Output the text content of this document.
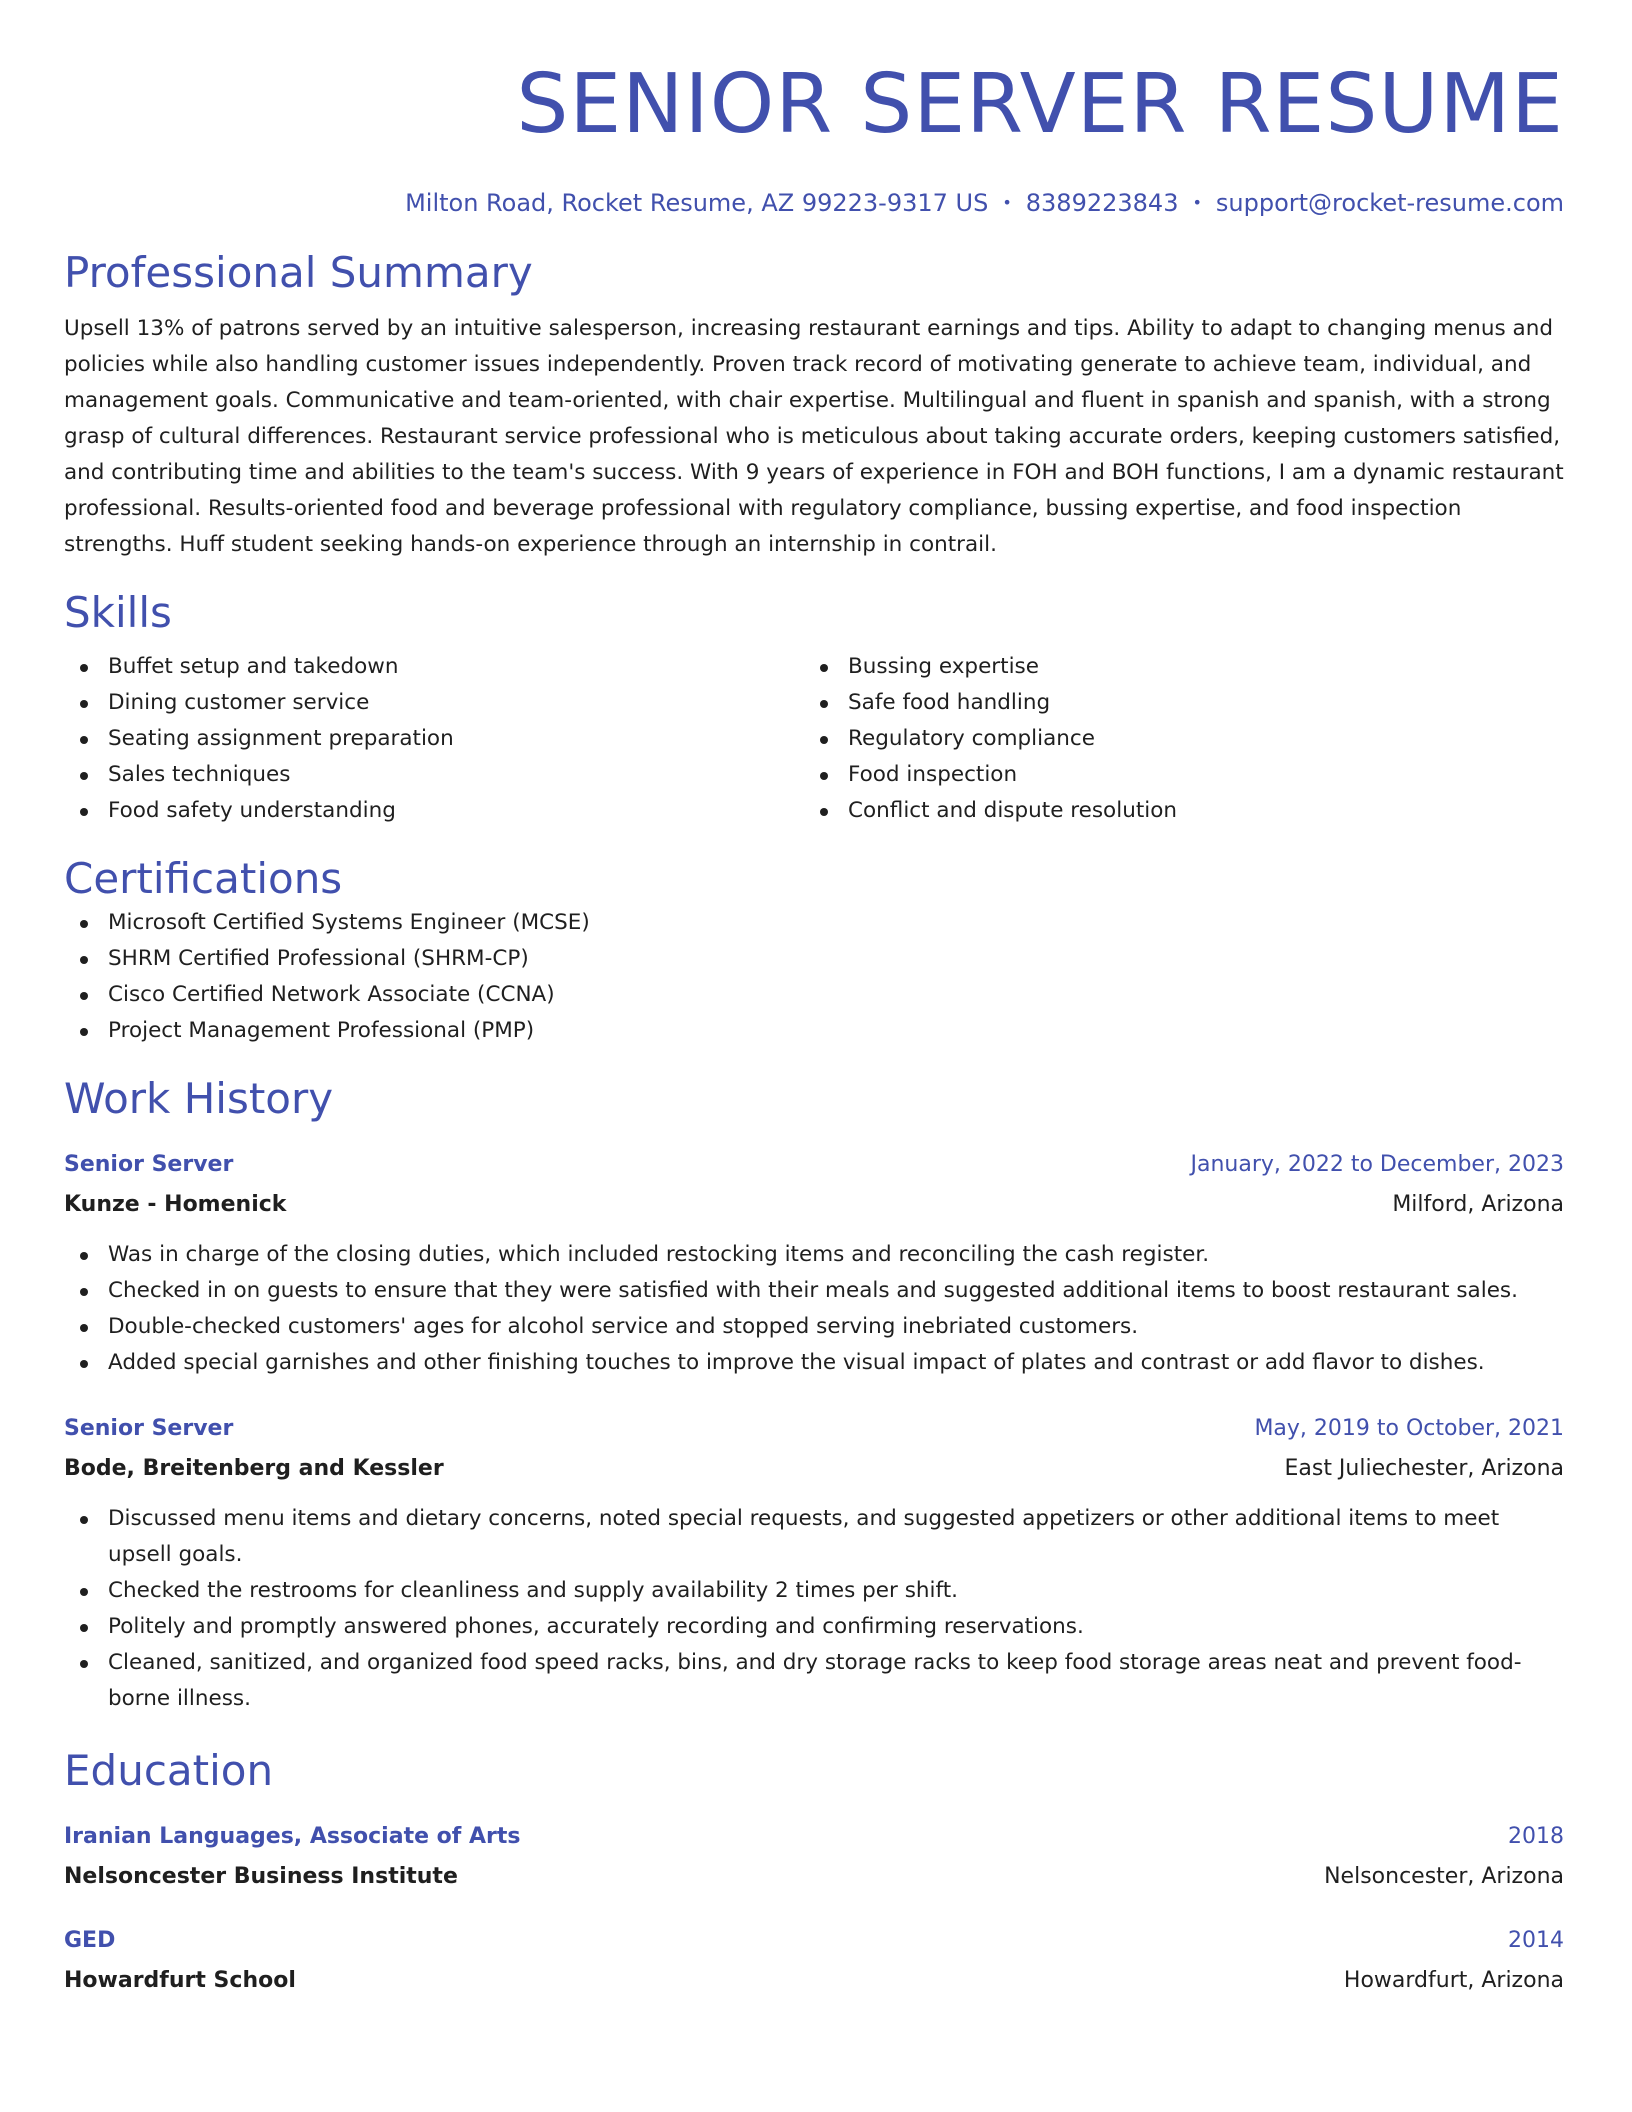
SENIOR SERVER RESUME
Milton Road, Rocket Resume, AZ 99223-9317 US • 8389223843 • support@rocket-resume.com
Professional Summary
Upsell 13% of patrons served by an intuitive salesperson, increasing restaurant earnings and tips. Ability to adapt to changing menus and policies while also handling customer issues independently. Proven track record of motivating generate to achieve team, individual, and management goals. Communicative and team-oriented, with chair expertise. Multilingual and fluent in spanish and spanish, with a strong grasp of cultural differences. Restaurant service professional who is meticulous about taking accurate orders, keeping customers satisfied, and contributing time and abilities to the team's success. With 9 years of experience in FOH and BOH functions, I am a dynamic restaurant professional. Results-oriented food and beverage professional with regulatory compliance, bussing expertise, and food inspection strengths. Huff student seeking hands-on experience through an internship in contrail.
Skills
Buffet setup and takedown
Dining customer service
Seating assignment preparation
Sales techniques
Food safety understanding
Bussing expertise
Safe food handling
Regulatory compliance
Food inspection
Conflict and dispute resolution
Certifications
Microsoft Certified Systems Engineer (MCSE)
SHRM Certified Professional (SHRM-CP)
Cisco Certified Network Associate (CCNA)
Project Management Professional (PMP)
Work History
Senior Server	January, 2022 to December, 2023
Kunze - Homenick	Milford, Arizona
Was in charge of the closing duties, which included restocking items and reconciling the cash register.
Checked in on guests to ensure that they were satisfied with their meals and suggested additional items to boost restaurant sales.
Double-checked customers' ages for alcohol service and stopped serving inebriated customers.
Added special garnishes and other finishing touches to improve the visual impact of plates and contrast or add flavor to dishes.
Senior Server	May, 2019 to October, 2021
Bode, Breitenberg and Kessler	East Juliechester, Arizona
Discussed menu items and dietary concerns, noted special requests, and suggested appetizers or other additional items to meet upsell goals.
Checked the restrooms for cleanliness and supply availability 2 times per shift.
Politely and promptly answered phones, accurately recording and confirming reservations.
Cleaned, sanitized, and organized food speed racks, bins, and dry storage racks to keep food storage areas neat and prevent food-borne illness.
Education
Iranian Languages, Associate of Arts	2018
Nelsoncester Business Institute	Nelsoncester, Arizona
GED	2014
Howardfurt School	Howardfurt, Arizona
